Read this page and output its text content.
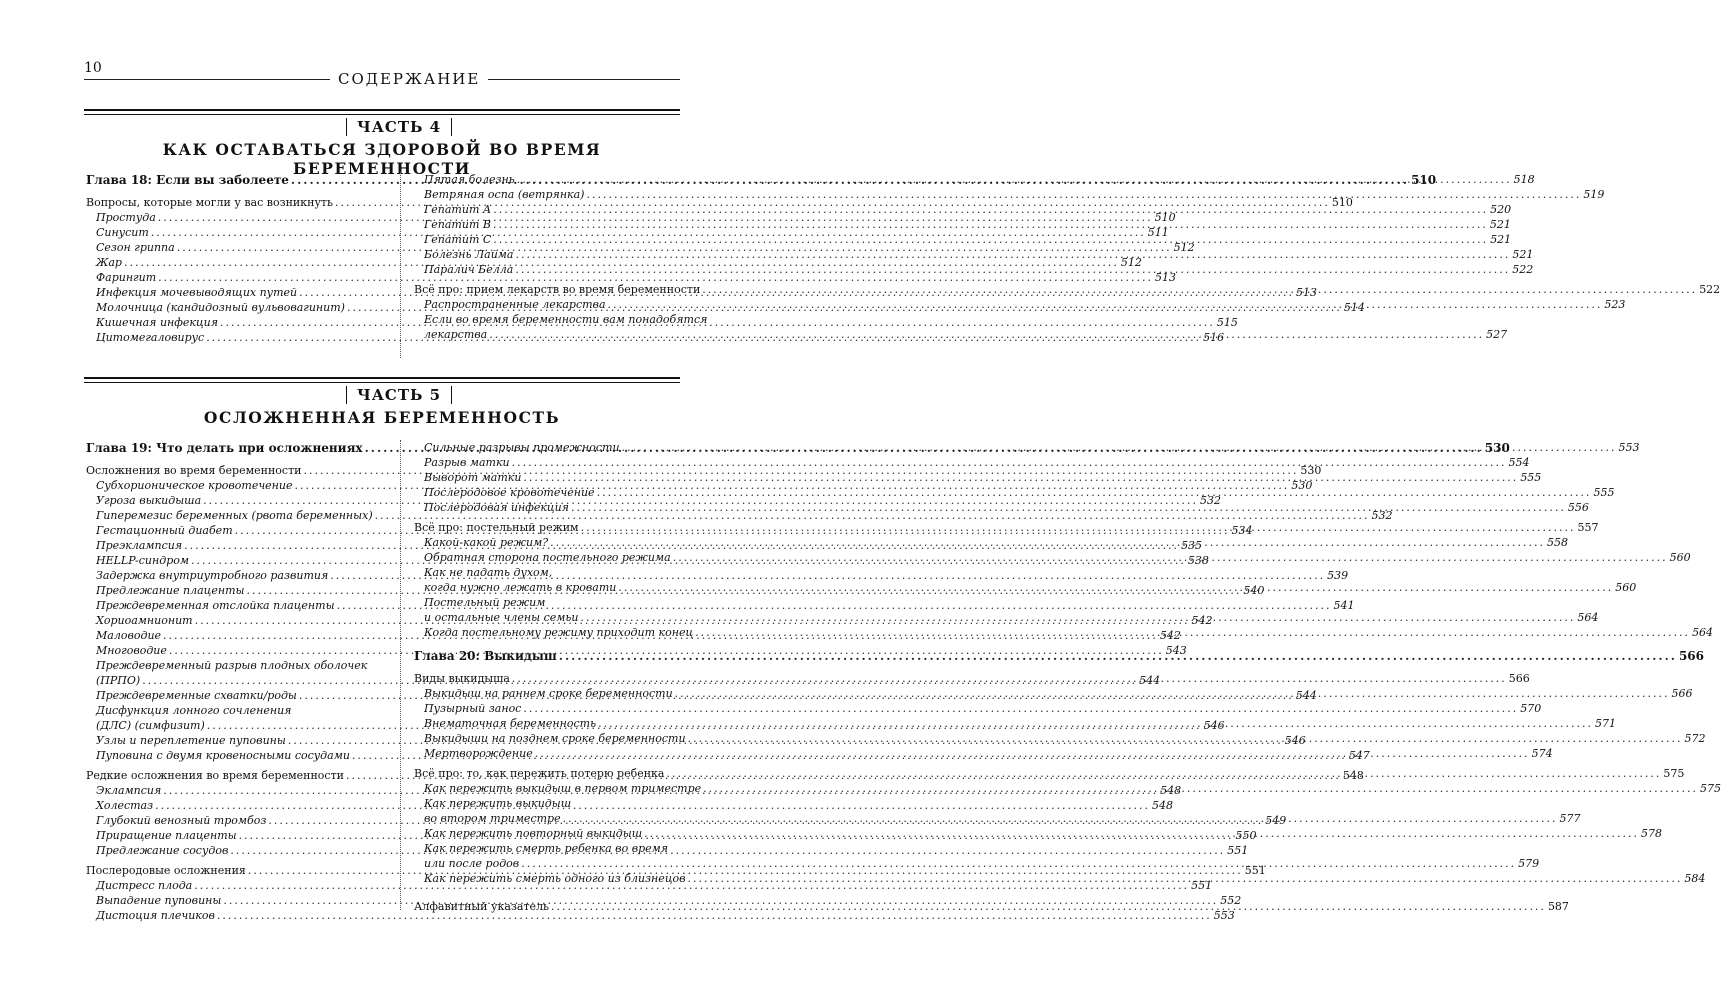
10
СОДЕРЖАНИЕ
ЧАСТЬ 4
КАК ОСТАВАТЬСЯ ЗДОРОВОЙ ВО ВРЕМЯ БЕРЕМЕННОСТИ
Глава 18: Если вы заболеете .....	510
Вопросы, которые могли у вас возникнуть .....	510
Простуда .....	510
Синусит .....	511
Сезон гриппа .....	512
Жар .....	512
Фарингит .....	513
Инфекция мочевыводящих путей .....	513
Молочница (кандидозный вульвовагинит) .....	514
Кишечная инфекция .....	515
Цитомегаловирус .....	516
Пятая болезнь .....	518
Ветряная оспа (ветрянка) .....	519
Гепатит А .....	520
Гепатит B .....	521
Гепатит С .....	521
Болезнь Лайма .....	521
Паралич Белла .....	522
Всё про: прием лекарств во время беременности .....	522
Распространенные лекарства .....	523
Если во время беременности вам понадобятся
лекарства .....	527
ЧАСТЬ 5
ОСЛОЖНЕННАЯ БЕРЕМЕННОСТЬ
Глава 19: Что делать при осложнениях .....	530
Осложнения во время беременности .....	530
Субхорионическое кровотечение .....	530
Угроза выкидыша .....	532
Гиперемезис беременных (рвота беременных) .....	532
Гестационный диабет .....	534
Преэклампсия .....	535
HELLP-синдром .....	538
Задержка внутриутробного развития .....	539
Предлежание плаценты .....	540
Преждевременная отслойка плаценты .....	541
Хориоамнионит .....	542
Маловодие .....	542
Многоводие .....	543
Преждевременный разрыв плодных оболочек
(ПРПО) .....	544
Преждевременные схватки/роды .....	544
Дисфункция лонного сочленения
(ДЛС) (симфизит) .....	546
Узлы и переплетение пуповины .....	546
Пуповина с двумя кровеносными сосудами .....	547
Редкие осложнения во время беременности .....	548
Эклампсия .....	548
Холестаз .....	548
Глубокий венозный тромбоз .....	549
Приращение плаценты .....	550
Предлежание сосудов .....	551
Послеродовые осложнения .....	551
Дистресс плода .....	551
Выпадение пуповины .....	552
Дистоция плечиков .....	553
Сильные разрывы промежности .....	553
Разрыв матки .....	554
Выворот матки .....	555
Послеродовое кровотечение .....	555
Послеродовая инфекция .....	556
Всё про: постельный режим .....	557
Какой-какой режим? .....	558
Обратная сторона постельного режима .....	560
Как не падать духом,
когда нужно лежать в кровати .....	560
Постельный режим
и остальные члены семьи .....	564
Когда постельному режиму приходит конец .....	564
Глава 20: Выкидыш .....	566
Виды выкидыша .....	566
Выкидыш на раннем сроке беременности .....	566
Пузырный занос .....	570
Внематочная беременность .....	571
Выкидыши на позднем сроке беременности .....	572
Мертворождение .....	574
Всё про: то, как пережить потерю ребенка .....	575
Как пережить выкидыш в первом триместре .....	575
Как пережить выкидыш
во втором триместре .....	577
Как пережить повторный выкидыш .....	578
Как пережить смерть ребенка во время
или после родов .....	579
Как пережить смерть одного из близнецов .....	584
Алфавитный указатель .....	587
